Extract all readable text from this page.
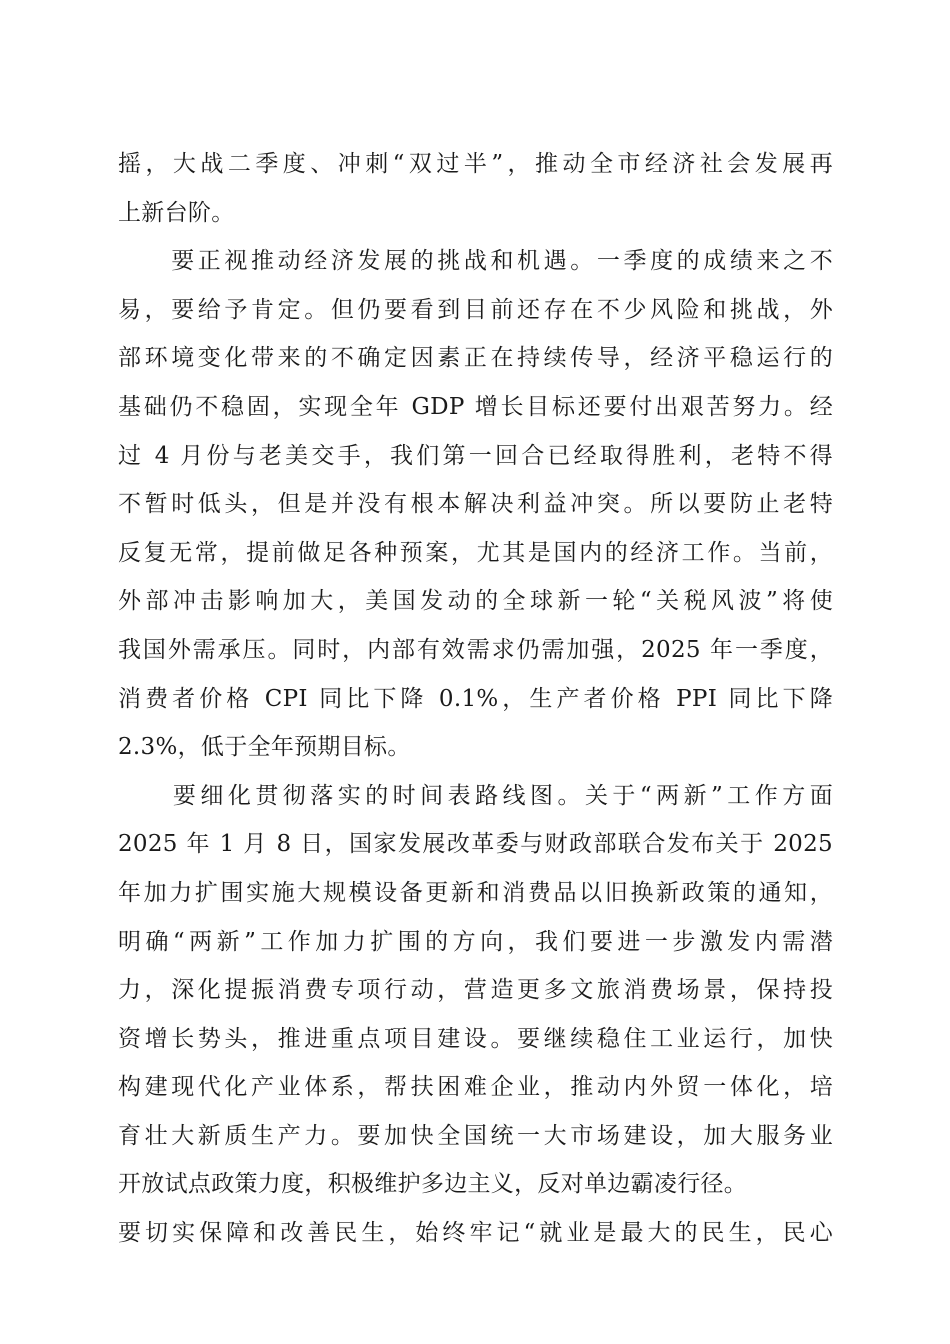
摇，大战二季度、冲刺“双过半”，推动全市经济社会发展再
上新台阶。
　　要正视推动经济发展的挑战和机遇。一季度的成绩来之不
易，要给予肯定。但仍要看到目前还存在不少风险和挑战，外
部环境变化带来的不确定因素正在持续传导，经济平稳运行的
基础仍不稳固，实现全年 GDP 增长目标还要付出艰苦努力。经
过 4 月份与老美交手，我们第一回合已经取得胜利，老特不得
不暂时低头，但是并没有根本解决利益冲突。所以要防止老特
反复无常，提前做足各种预案，尤其是国内的经济工作。当前，
外部冲击影响加大，美国发动的全球新一轮“关税风波”将使
我国外需承压。同时，内部有效需求仍需加强，2025 年一季度，
消费者价格 CPI 同比下降 0.1%，生产者价格 PPI 同比下降
2.3%，低于全年预期目标。
　　要细化贯彻落实的时间表路线图。关于“两新”工作方面
2025 年 1 月 8 日，国家发展改革委与财政部联合发布关于 2025
年加力扩围实施大规模设备更新和消费品以旧换新政策的通知，
明确“两新”工作加力扩围的方向，我们要进一步激发内需潜
力，深化提振消费专项行动，营造更多文旅消费场景，保持投
资增长势头，推进重点项目建设。要继续稳住工业运行，加快
构建现代化产业体系，帮扶困难企业，推动内外贸一体化，培
育壮大新质生产力。要加快全国统一大市场建设，加大服务业
开放试点政策力度，积极维护多边主义，反对单边霸凌行径。
要切实保障和改善民生，始终牢记“就业是最大的民生，民心
